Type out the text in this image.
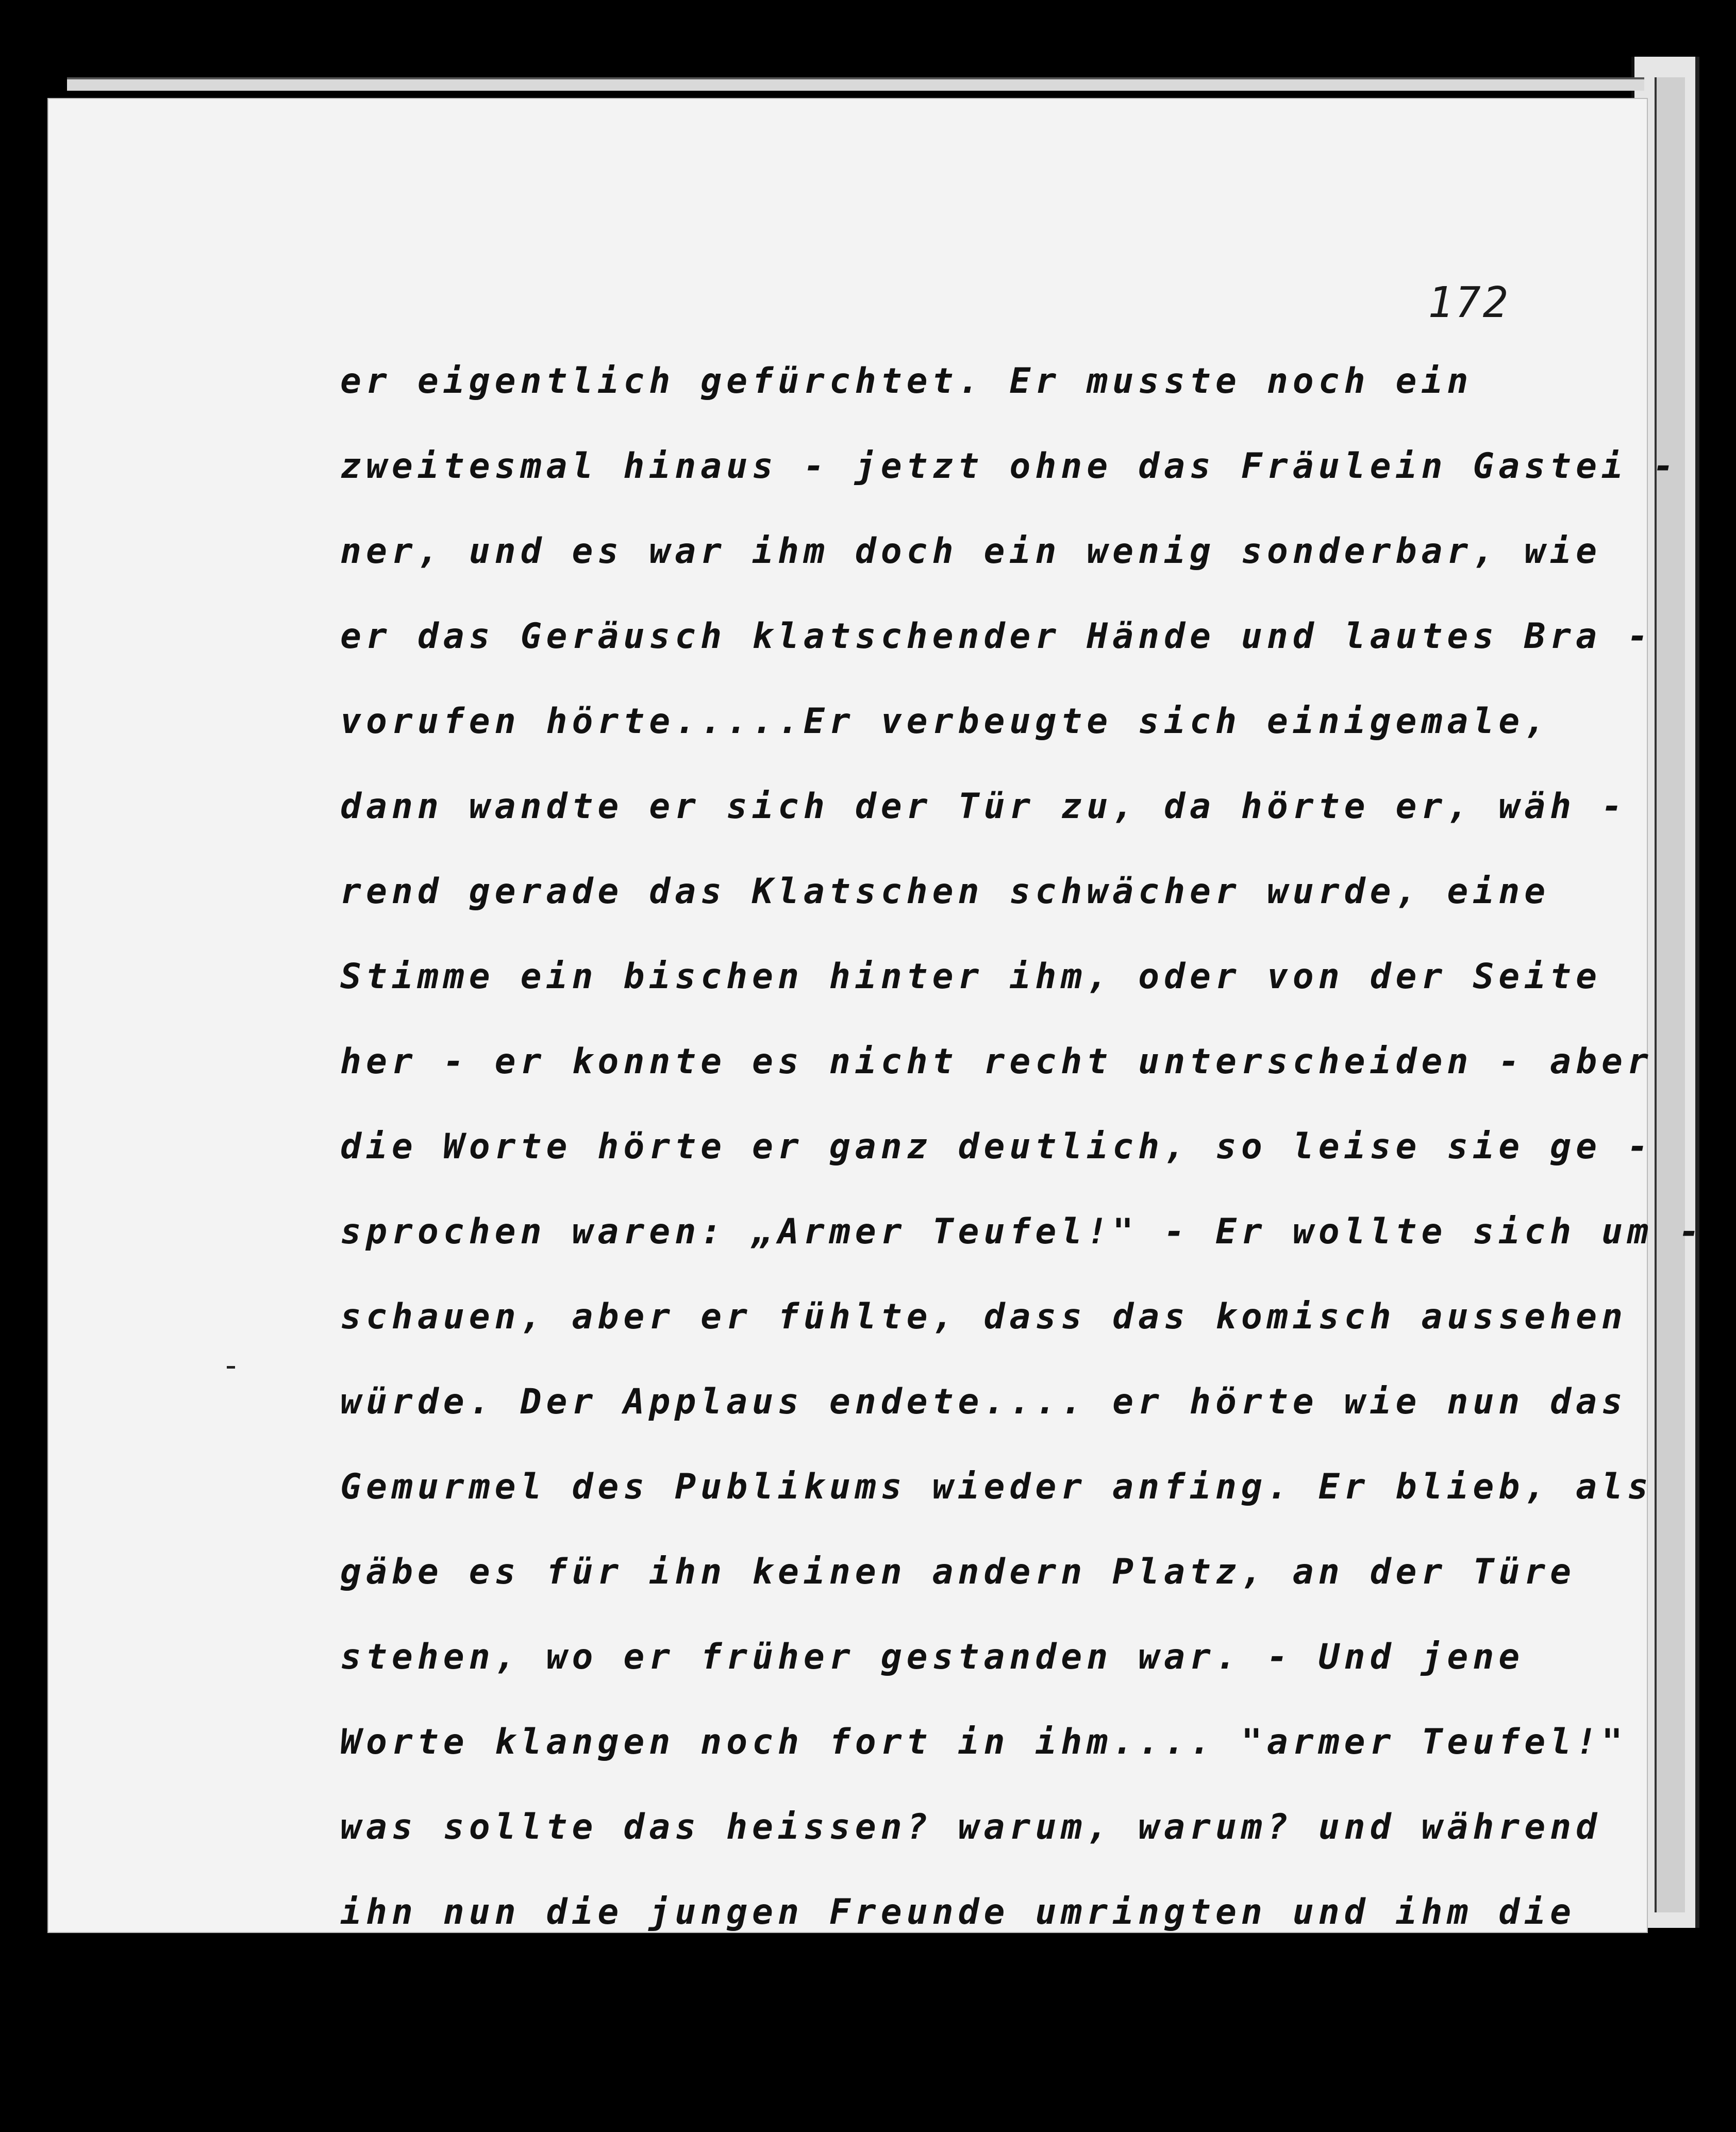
172
er eigentlich gefürchtet. Er musste noch ein
zweitesmal hinaus - jetzt ohne das Fräulein Gastei -
ner, und es war ihm doch ein wenig sonderbar, wie
er das Geräusch klatschender Hände und lautes Bra -
vorufen hörte.....Er verbeugte sich einigemale,
dann wandte er sich der Tür zu, da hörte er, wäh -
rend gerade das Klatschen schwächer wurde, eine
Stimme ein bischen hinter ihm, oder von der Seite
her - er konnte es nicht recht unterscheiden - aber
die Worte hörte er ganz deutlich, so leise sie ge -
sprochen waren: „Armer Teufel!" - Er wollte sich um -
schauen, aber er fühlte, dass das komisch aussehen
würde. Der Applaus endete.... er hörte wie nun das
Gemurmel des Publikums wieder anfing. Er blieb, als
gäbe es für ihn keinen andern Platz, an der Türe
stehen, wo er früher gestanden war. - Und jene
Worte klangen noch fort in ihm.... "armer Teufel!"
was sollte das heissen? warum, warum? und während
ihn nun die jungen Freunde umringten und ihm die
